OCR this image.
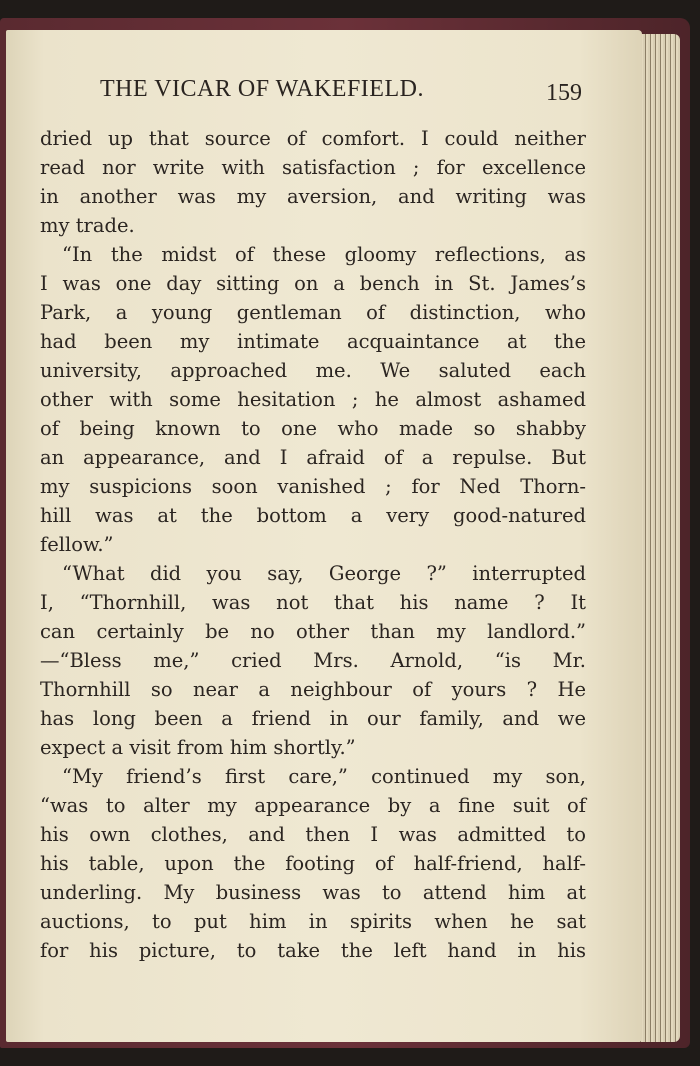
THE VICAR OF WAKEFIELD.	159
dried up that source of comfort. I could neither
read nor write with satisfaction ; for excellence
in another was my aversion, and writing was
my trade.
“In the midst of these gloomy reflections, as
I was one day sitting on a bench in St. James’s
Park, a young gentleman of distinction, who
had been my intimate acquaintance at the
university, approached me. We saluted each
other with some hesitation ; he almost ashamed
of being known to one who made so shabby
an appearance, and I afraid of a repulse. But
my suspicions soon vanished ; for Ned Thorn-
hill was at the bottom a very good-natured
fellow.”
“What did you say, George ?” interrupted
I, “Thornhill, was not that his name ? It
can certainly be no other than my landlord.”
—“Bless me,” cried Mrs. Arnold, “is Mr.
Thornhill so near a neighbour of yours ? He
has long been a friend in our family, and we
expect a visit from him shortly.”
“My friend’s first care,” continued my son,
“was to alter my appearance by a fine suit of
his own clothes, and then I was admitted to
his table, upon the footing of half-friend, half-
underling. My business was to attend him at
auctions, to put him in spirits when he sat
for his picture, to take the left hand in his
